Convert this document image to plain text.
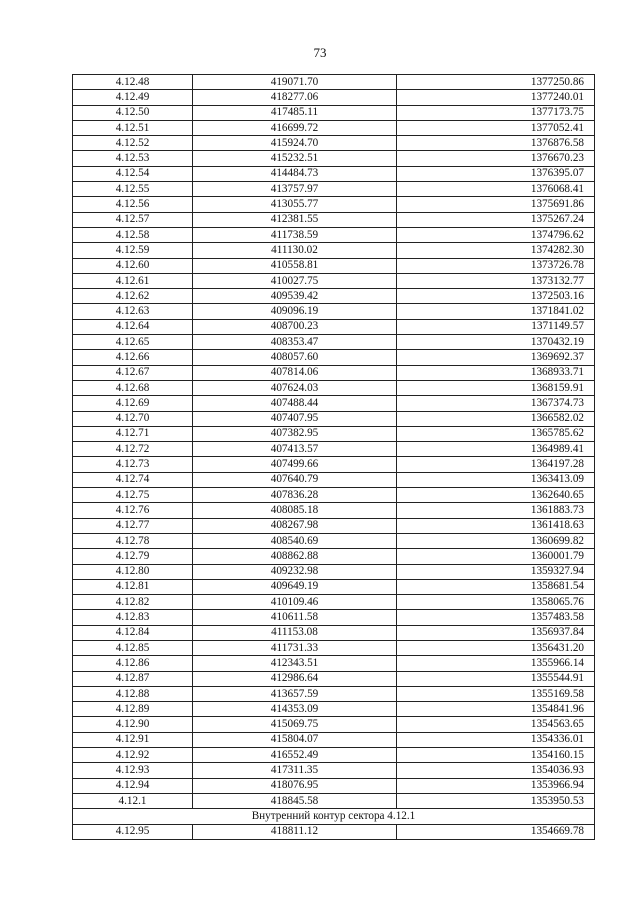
73
4.12.48	419071.70	1377250.86
4.12.49	418277.06	1377240.01
4.12.50	417485.11	1377173.75
4.12.51	416699.72	1377052.41
4.12.52	415924.70	1376876.58
4.12.53	415232.51	1376670.23
4.12.54	414484.73	1376395.07
4.12.55	413757.97	1376068.41
4.12.56	413055.77	1375691.86
4.12.57	412381.55	1375267.24
4.12.58	411738.59	1374796.62
4.12.59	411130.02	1374282.30
4.12.60	410558.81	1373726.78
4.12.61	410027.75	1373132.77
4.12.62	409539.42	1372503.16
4.12.63	409096.19	1371841.02
4.12.64	408700.23	1371149.57
4.12.65	408353.47	1370432.19
4.12.66	408057.60	1369692.37
4.12.67	407814.06	1368933.71
4.12.68	407624.03	1368159.91
4.12.69	407488.44	1367374.73
4.12.70	407407.95	1366582.02
4.12.71	407382.95	1365785.62
4.12.72	407413.57	1364989.41
4.12.73	407499.66	1364197.28
4.12.74	407640.79	1363413.09
4.12.75	407836.28	1362640.65
4.12.76	408085.18	1361883.73
4.12.77	408267.98	1361418.63
4.12.78	408540.69	1360699.82
4.12.79	408862.88	1360001.79
4.12.80	409232.98	1359327.94
4.12.81	409649.19	1358681.54
4.12.82	410109.46	1358065.76
4.12.83	410611.58	1357483.58
4.12.84	411153.08	1356937.84
4.12.85	411731.33	1356431.20
4.12.86	412343.51	1355966.14
4.12.87	412986.64	1355544.91
4.12.88	413657.59	1355169.58
4.12.89	414353.09	1354841.96
4.12.90	415069.75	1354563.65
4.12.91	415804.07	1354336.01
4.12.92	416552.49	1354160.15
4.12.93	417311.35	1354036.93
4.12.94	418076.95	1353966.94
4.12.1	418845.58	1353950.53
Внутренний контур сектора 4.12.1		
4.12.95	418811.12	1354669.78
